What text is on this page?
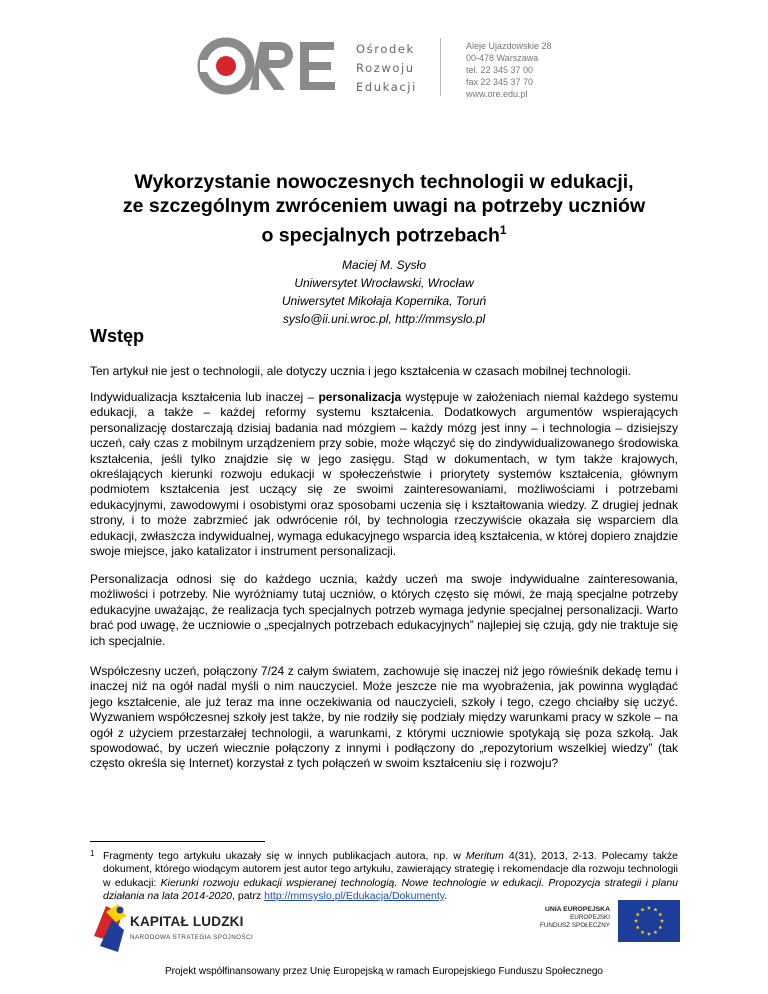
Ośrodek
Rozwoju
Edukacji
Aleje Ujazdowskie 28
00-478 Warszawa
tel. 22 345 37 00
fax 22 345 37 70
www.ore.edu.pl
Wykorzystanie nowoczesnych technologii w edukacji,
ze szczególnym zwróceniem uwagi na potrzeby uczniów
o specjalnych potrzebach$^1$
Maciej M. Sysło
Uniwersytet Wrocławski, Wrocław
Uniwersytet Mikołaja Kopernika, Toruń
syslo@ii.uni.wroc.pl, http://mmsyslo.pl
Wstęp
Ten artykuł nie jest o technologii, ale dotyczy ucznia i jego kształcenia w czasach mobilnej technologii.
Indywidualizacja kształcenia lub inaczej – personalizacja występuje w założeniach niemal każdego systemu edukacji, a także – każdej reformy systemu kształcenia. Dodatkowych argumentów wspierających personalizację dostarczają dzisiaj badania nad mózgiem – każdy mózg jest inny – i technologia – dzisiejszy uczeń, cały czas z mobilnym urządzeniem przy sobie, może włączyć się do zindywidualizowanego środowiska kształcenia, jeśli tylko znajdzie się w jego zasięgu. Stąd w dokumentach, w tym także krajowych, określających kierunki rozwoju edukacji w społeczeństwie i priorytety systemów kształcenia, głównym podmiotem kształcenia jest uczący się ze swoimi zainteresowaniami, możliwościami i potrzebami edukacyjnymi, zawodowymi i osobistymi oraz sposobami uczenia się i kształtowania wiedzy. Z drugiej jednak strony, i to może zabrzmieć jak odwrócenie ról, by technologia rzeczywiście okazała się wsparciem dla edukacji, zwłaszcza indywidualnej, wymaga edukacyjnego wsparcia ideą kształcenia, w której dopiero znajdzie swoje miejsce, jako katalizator i instrument personalizacji.
Personalizacja odnosi się do każdego ucznia, każdy uczeń ma swoje indywidualne zainteresowania, możliwości i potrzeby. Nie wyróżniamy tutaj uczniów, o których często się mówi, że mają specjalne potrzeby edukacyjne uważając, że realizacja tych specjalnych potrzeb wymaga jedynie specjalnej personalizacji. Warto brać pod uwagę, że uczniowie o „specjalnych potrzebach edukacyjnych” najlepiej się czują, gdy nie traktuje się ich specjalnie.
Współczesny uczeń, połączony 7/24 z całym światem, zachowuje się inaczej niż jego rówieśnik dekadę temu i inaczej niż na ogół nadal myśli o nim nauczyciel. Może jeszcze nie ma wyobrażenia, jak powinna wyglądać jego kształcenie, ale już teraz ma inne oczekiwania od nauczycieli, szkoły i tego, czego chciałby się uczyć. Wyzwaniem współczesnej szkoły jest także, by nie rodziły się podziały między warunkami pracy w szkole – na ogół z użyciem przestarzałej technologii, a warunkami, z którymi uczniowie spotykają się poza szkołą. Jak spowodować, by uczeń wiecznie połączony z innymi i podłączony do „repozytorium wszelkiej wiedzy” (tak często określa się Internet) korzystał z tych połączeń w swoim kształceniu się i rozwoju?
1 Fragmenty tego artykułu ukazały się w innych publikacjach autora, np. w Meritum 4(31), 2013, 2-13. Polecamy także dokument, którego wiodącym autorem jest autor tego artykułu, zawierający strategię i rekomendacje dla rozwoju technologii w edukacji: Kierunki rozwoju edukacji wspieranej technologią. Nowe technologie w edukacji. Propozycja strategii i planu działania na lata 2014-2020, patrz http://mmsyslo.pl/Edukacja/Dokumenty.
KAPITAŁ LUDZKI
NARODOWA STRATEGIA SPÓJNOŚCI
UNIA EUROPEJSKA
EUROPEJSKI
FUNDUSZ SPOŁECZNY
Projekt współfinansowany przez Unię Europejską w ramach Europejskiego Funduszu Społecznego
